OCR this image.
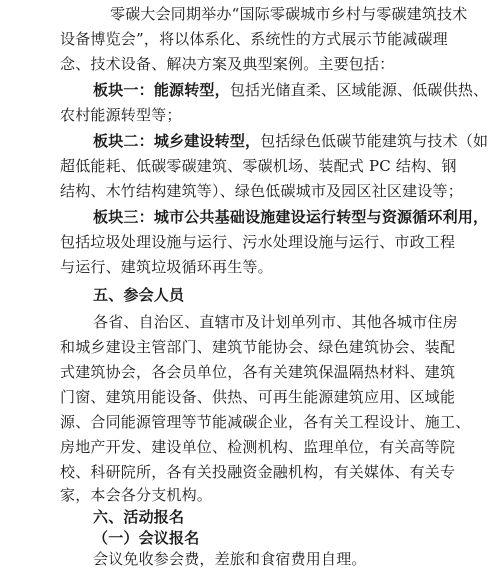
零碳大会同期举办“国际零碳城市乡村与零碳建筑技术
设备博览会”，将以体系化、系统性的方式展示节能减碳理
念、技术设备、解决方案及典型案例。主要包括：
板块一：能源转型，包括光储直柔、区域能源、低碳供热、
农村能源转型等；
板块二：城乡建设转型，包括绿色低碳节能建筑与技术（如
超低能耗、低碳零碳建筑、零碳机场、装配式 PC 结构、钢
结构、木竹结构建筑等）、绿色低碳城市及园区社区建设等；
板块三：城市公共基础设施建设运行转型与资源循环利用，
包括垃圾处理设施与运行、污水处理设施与运行、市政工程
与运行、建筑垃圾循环再生等。
五、参会人员
各省、自治区、直辖市及计划单列市、其他各城市住房
和城乡建设主管部门、建筑节能协会、绿色建筑协会、装配
式建筑协会，各会员单位，各有关建筑保温隔热材料、建筑
门窗、建筑用能设备、供热、可再生能源建筑应用、区域能
源、合同能源管理等节能减碳企业，各有关工程设计、施工、
房地产开发、建设单位、检测机构、监理单位，有关高等院
校、科研院所，各有关投融资金融机构，有关媒体、有关专
家，本会各分支机构。
六、活动报名
（一）会议报名
会议免收参会费，差旅和食宿费用自理。
